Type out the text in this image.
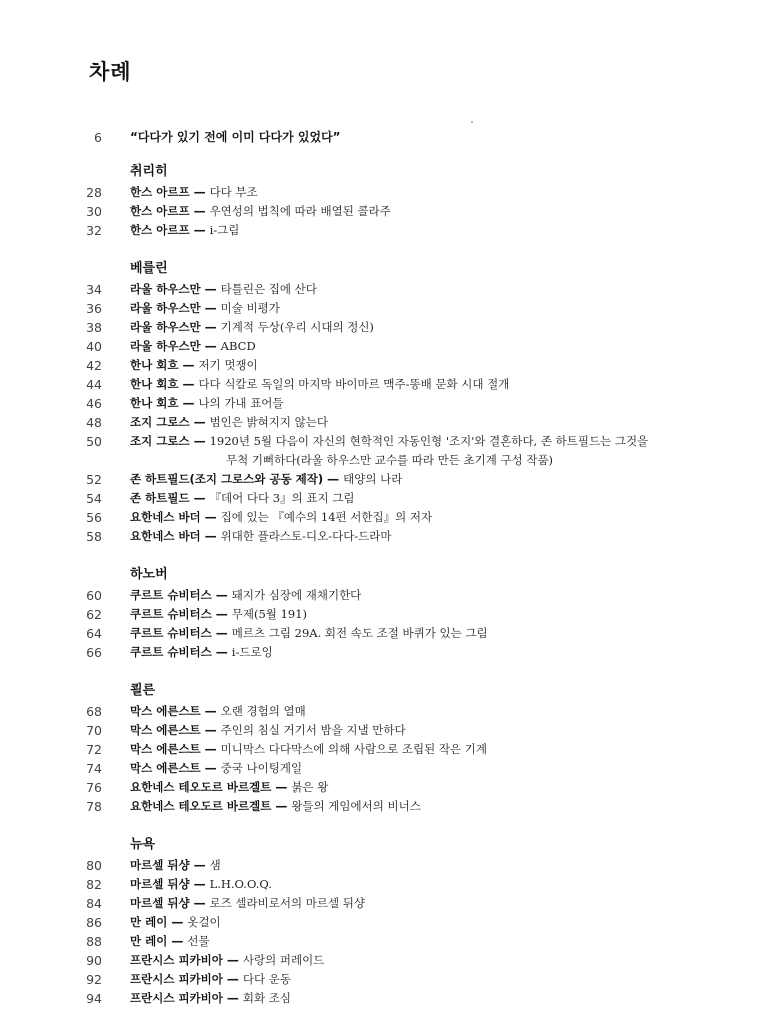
차례
6 “다다가 있기 전에 이미 다다가 있었다”
취리히
28 한스 아르프 — 다다 부조
30 한스 아르프 — 우연성의 법칙에 따라 배열된 콜라주
32 한스 아르프 — i-그림
베를린
34 라울 하우스만 — 타틀린은 집에 산다
36 라울 하우스만 — 미술 비평가
38 라울 하우스만 — 기계적 두상(우리 시대의 정신)
40 라울 하우스만 — ABCD
42 한나 회흐 — 저기 멋쟁이
44 한나 회흐 — 다다 식칼로 독일의 마지막 바이마르 맥주-똥배 문화 시대 절개
46 한나 회흐 — 나의 가내 표어들
48 조지 그로스 — 범인은 밝혀지지 않는다
50 조지 그로스 — 1920년 5월 다음이 자신의 현학적인 자동인형 '조지'와 결혼하다, 존 하트필드는 그것을
무척 기뻐하다(라울 하우스만 교수를 따라 만든 초기계 구성 작품)
52 존 하트필드(조지 그로스와 공동 제작) — 태양의 나라
54 존 하트필드 — 『데어 다다 3』의 표지 그림
56 요한네스 바더 — 집에 있는 『예수의 14편 서한집』의 저자
58 요한네스 바더 — 위대한 플라스토-디오-다다-드라마
하노버
60 쿠르트 슈비터스 — 돼지가 심장에 재채기한다
62 쿠르트 슈비터스 — 무제(5월 191)
64 쿠르트 슈비터스 — 메르츠 그림 29A. 회전 속도 조절 바퀴가 있는 그림
66 쿠르트 슈비터스 — i-드로잉
쾰른
68 막스 에른스트 — 오랜 경험의 열매
70 막스 에른스트 — 주인의 침실 거기서 밤을 지낼 만하다
72 막스 에른스트 — 미니막스 다다막스에 의해 사람으로 조립된 작은 기계
74 막스 에른스트 — 중국 나이팅게일
76 요한네스 테오도르 바르겔트 — 붉은 왕
78 요한네스 테오도르 바르겔트 — 왕들의 게임에서의 비너스
뉴욕
80 마르셀 뒤샹 — 샘
82 마르셀 뒤샹 — L.H.O.O.Q.
84 마르셀 뒤샹 — 로즈 셀라비로서의 마르셀 뒤샹
86 만 레이 — 옷걸이
88 만 레이 — 선물
90 프란시스 피카비아 — 사랑의 퍼레이드
92 프란시스 피카비아 — 다다 운동
94 프란시스 피카비아 — 회화 조심
